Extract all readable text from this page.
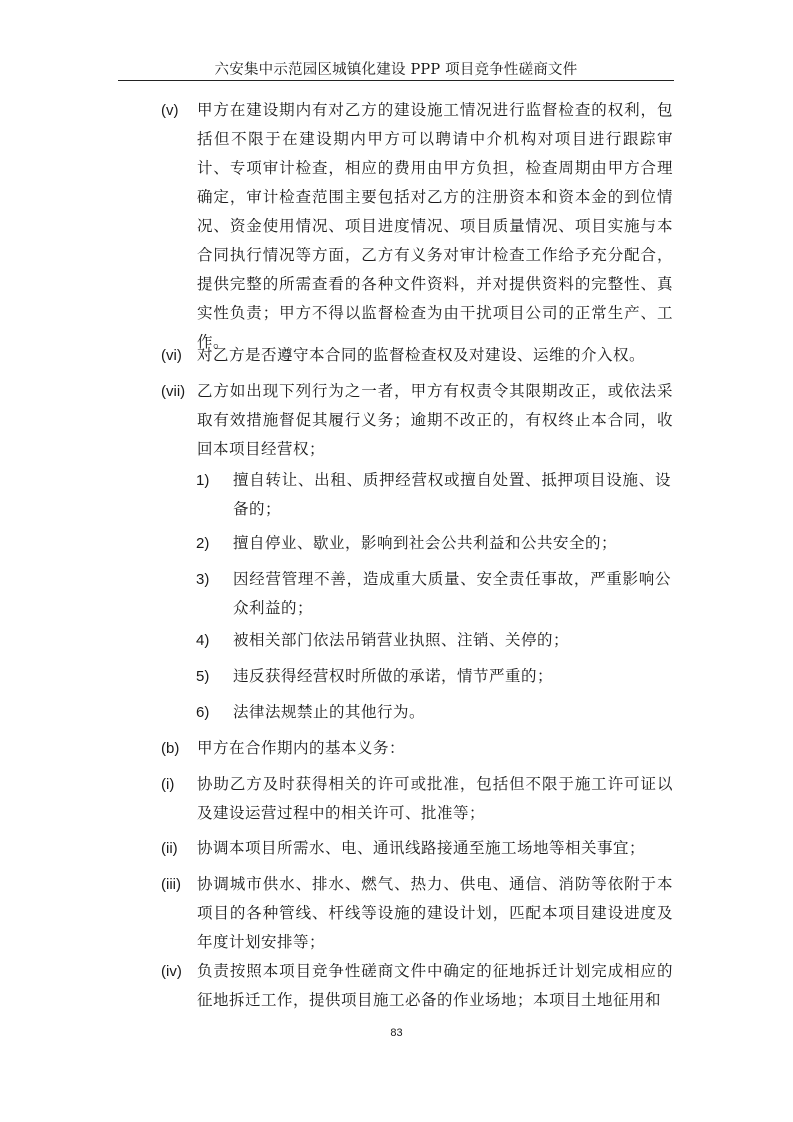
六安集中示范园区城镇化建设 PPP 项目竞争性磋商文件
(v) 甲方在建设期内有对乙方的建设施工情况进行监督检查的权利，包括但不限于在建设期内甲方可以聘请中介机构对项目进行跟踪审计、专项审计检查，相应的费用由甲方负担，检查周期由甲方合理确定，审计检查范围主要包括对乙方的注册资本和资本金的到位情况、资金使用情况、项目进度情况、项目质量情况、项目实施与本合同执行情况等方面，乙方有义务对审计检查工作给予充分配合，提供完整的所需查看的各种文件资料，并对提供资料的完整性、真实性负责；甲方不得以监督检查为由干扰项目公司的正常生产、工作。
(vi) 对乙方是否遵守本合同的监督检查权及对建设、运维的介入权。
(vii) 乙方如出现下列行为之一者，甲方有权责令其限期改正，或依法采取有效措施督促其履行义务；逾期不改正的，有权终止本合同，收回本项目经营权；
1) 擅自转让、出租、质押经营权或擅自处置、抵押项目设施、设备的；
2) 擅自停业、歇业，影响到社会公共利益和公共安全的；
3) 因经营管理不善，造成重大质量、安全责任事故，严重影响公众利益的；
4) 被相关部门依法吊销营业执照、注销、关停的；
5) 违反获得经营权时所做的承诺，情节严重的；
6) 法律法规禁止的其他行为。
(b) 甲方在合作期内的基本义务：
(i) 协助乙方及时获得相关的许可或批准，包括但不限于施工许可证以及建设运营过程中的相关许可、批准等；
(ii) 协调本项目所需水、电、通讯线路接通至施工场地等相关事宜；
(iii) 协调城市供水、排水、燃气、热力、供电、通信、消防等依附于本项目的各种管线、杆线等设施的建设计划，匹配本项目建设进度及年度计划安排等；
(iv) 负责按照本项目竞争性磋商文件中确定的征地拆迁计划完成相应的征地拆迁工作，提供项目施工必备的作业场地；本项目土地征用和
83
